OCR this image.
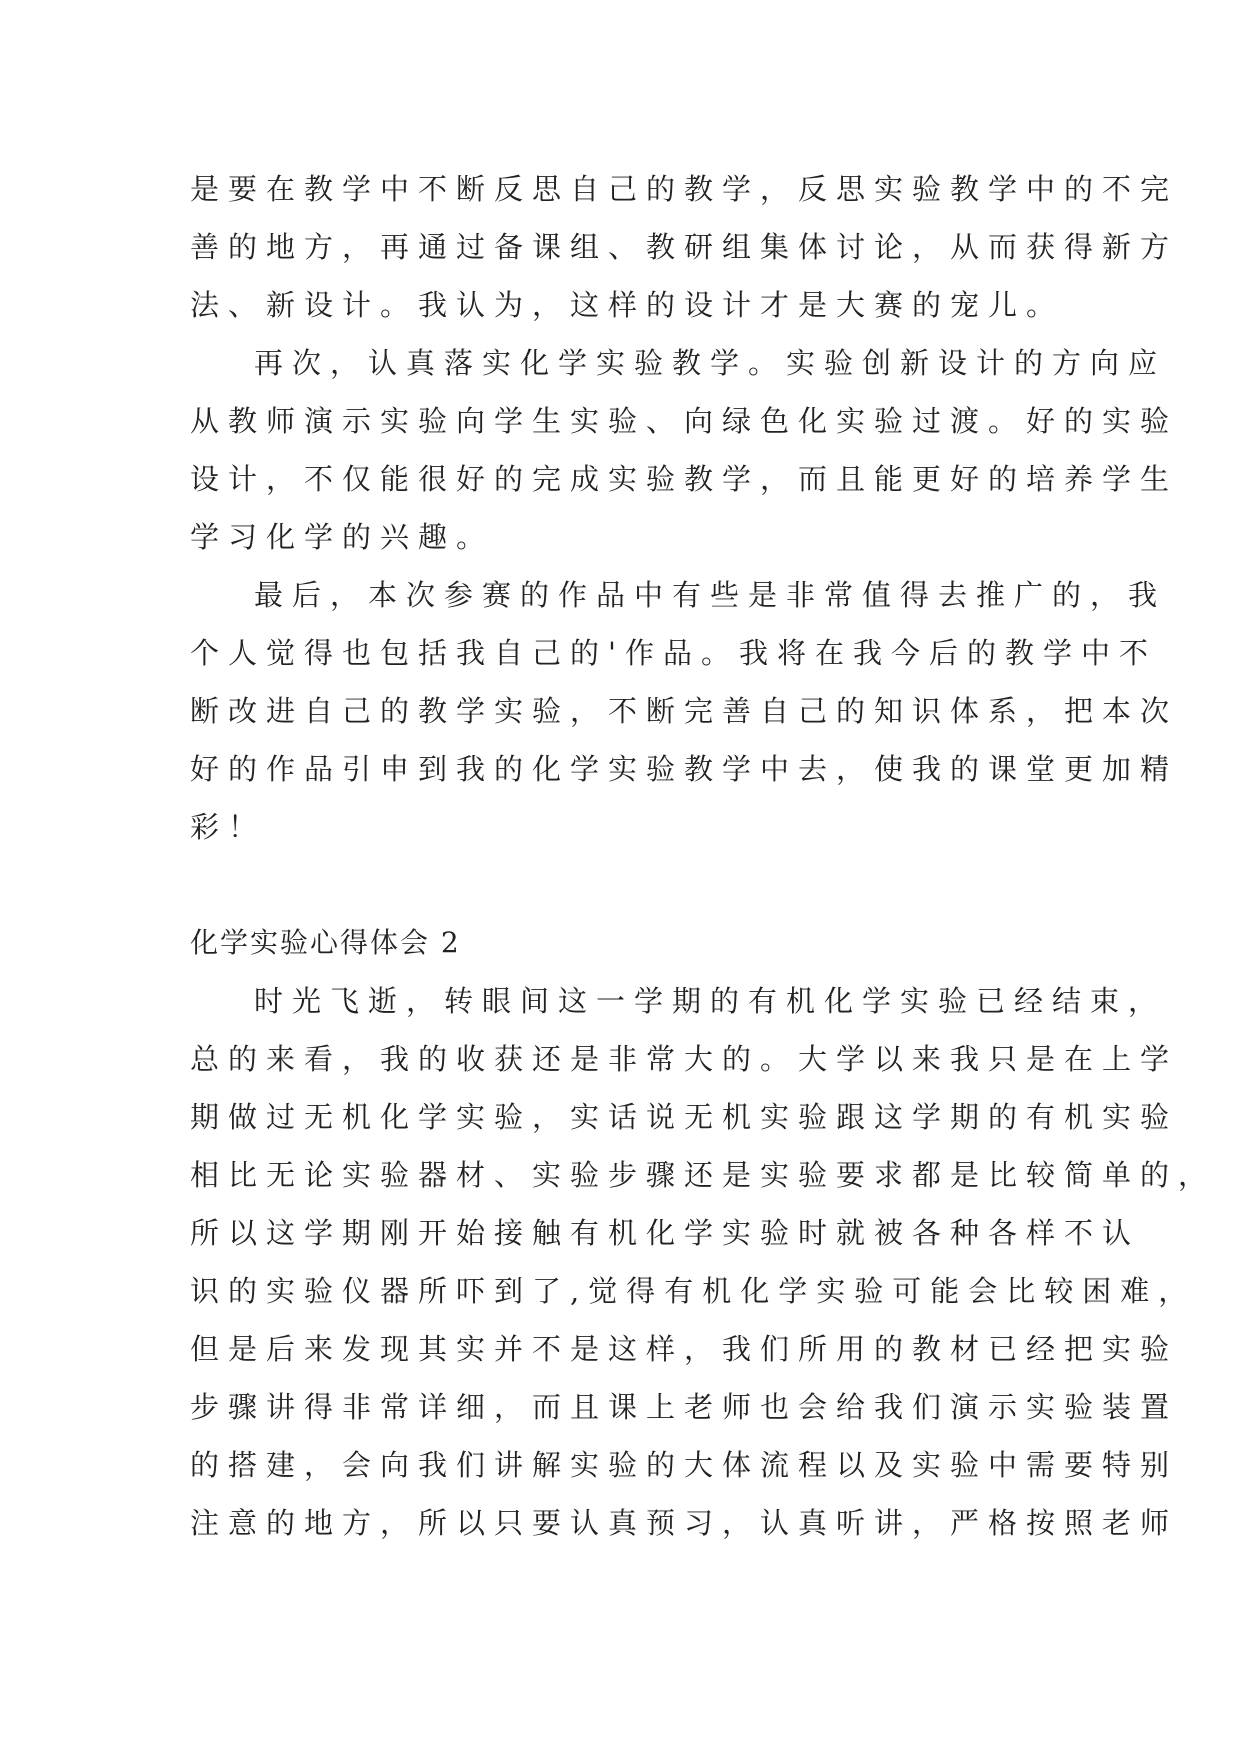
是要在教学中不断反思自己的教学，反思实验教学中的不完
善的地方，再通过备课组、教研组集体讨论，从而获得新方
法、新设计。我认为，这样的设计才是大赛的宠儿。
再次，认真落实化学实验教学。实验创新设计的方向应
从教师演示实验向学生实验、向绿色化实验过渡。好的实验
设计，不仅能很好的完成实验教学，而且能更好的培养学生
学习化学的兴趣。
最后，本次参赛的作品中有些是非常值得去推广的，我
个人觉得也包括我自己的'作品。我将在我今后的教学中不
断改进自己的教学实验，不断完善自己的知识体系，把本次
好的作品引申到我的化学实验教学中去，使我的课堂更加精
彩！
化学实验心得体会 2
时光飞逝，转眼间这一学期的有机化学实验已经结束，
总的来看，我的收获还是非常大的。大学以来我只是在上学
期做过无机化学实验，实话说无机实验跟这学期的有机实验
相比无论实验器材、实验步骤还是实验要求都是比较简单的，
所以这学期刚开始接触有机化学实验时就被各种各样不认
识的实验仪器所吓到了,觉得有机化学实验可能会比较困难，
但是后来发现其实并不是这样，我们所用的教材已经把实验
步骤讲得非常详细，而且课上老师也会给我们演示实验装置
的搭建，会向我们讲解实验的大体流程以及实验中需要特别
注意的地方，所以只要认真预习，认真听讲，严格按照老师
